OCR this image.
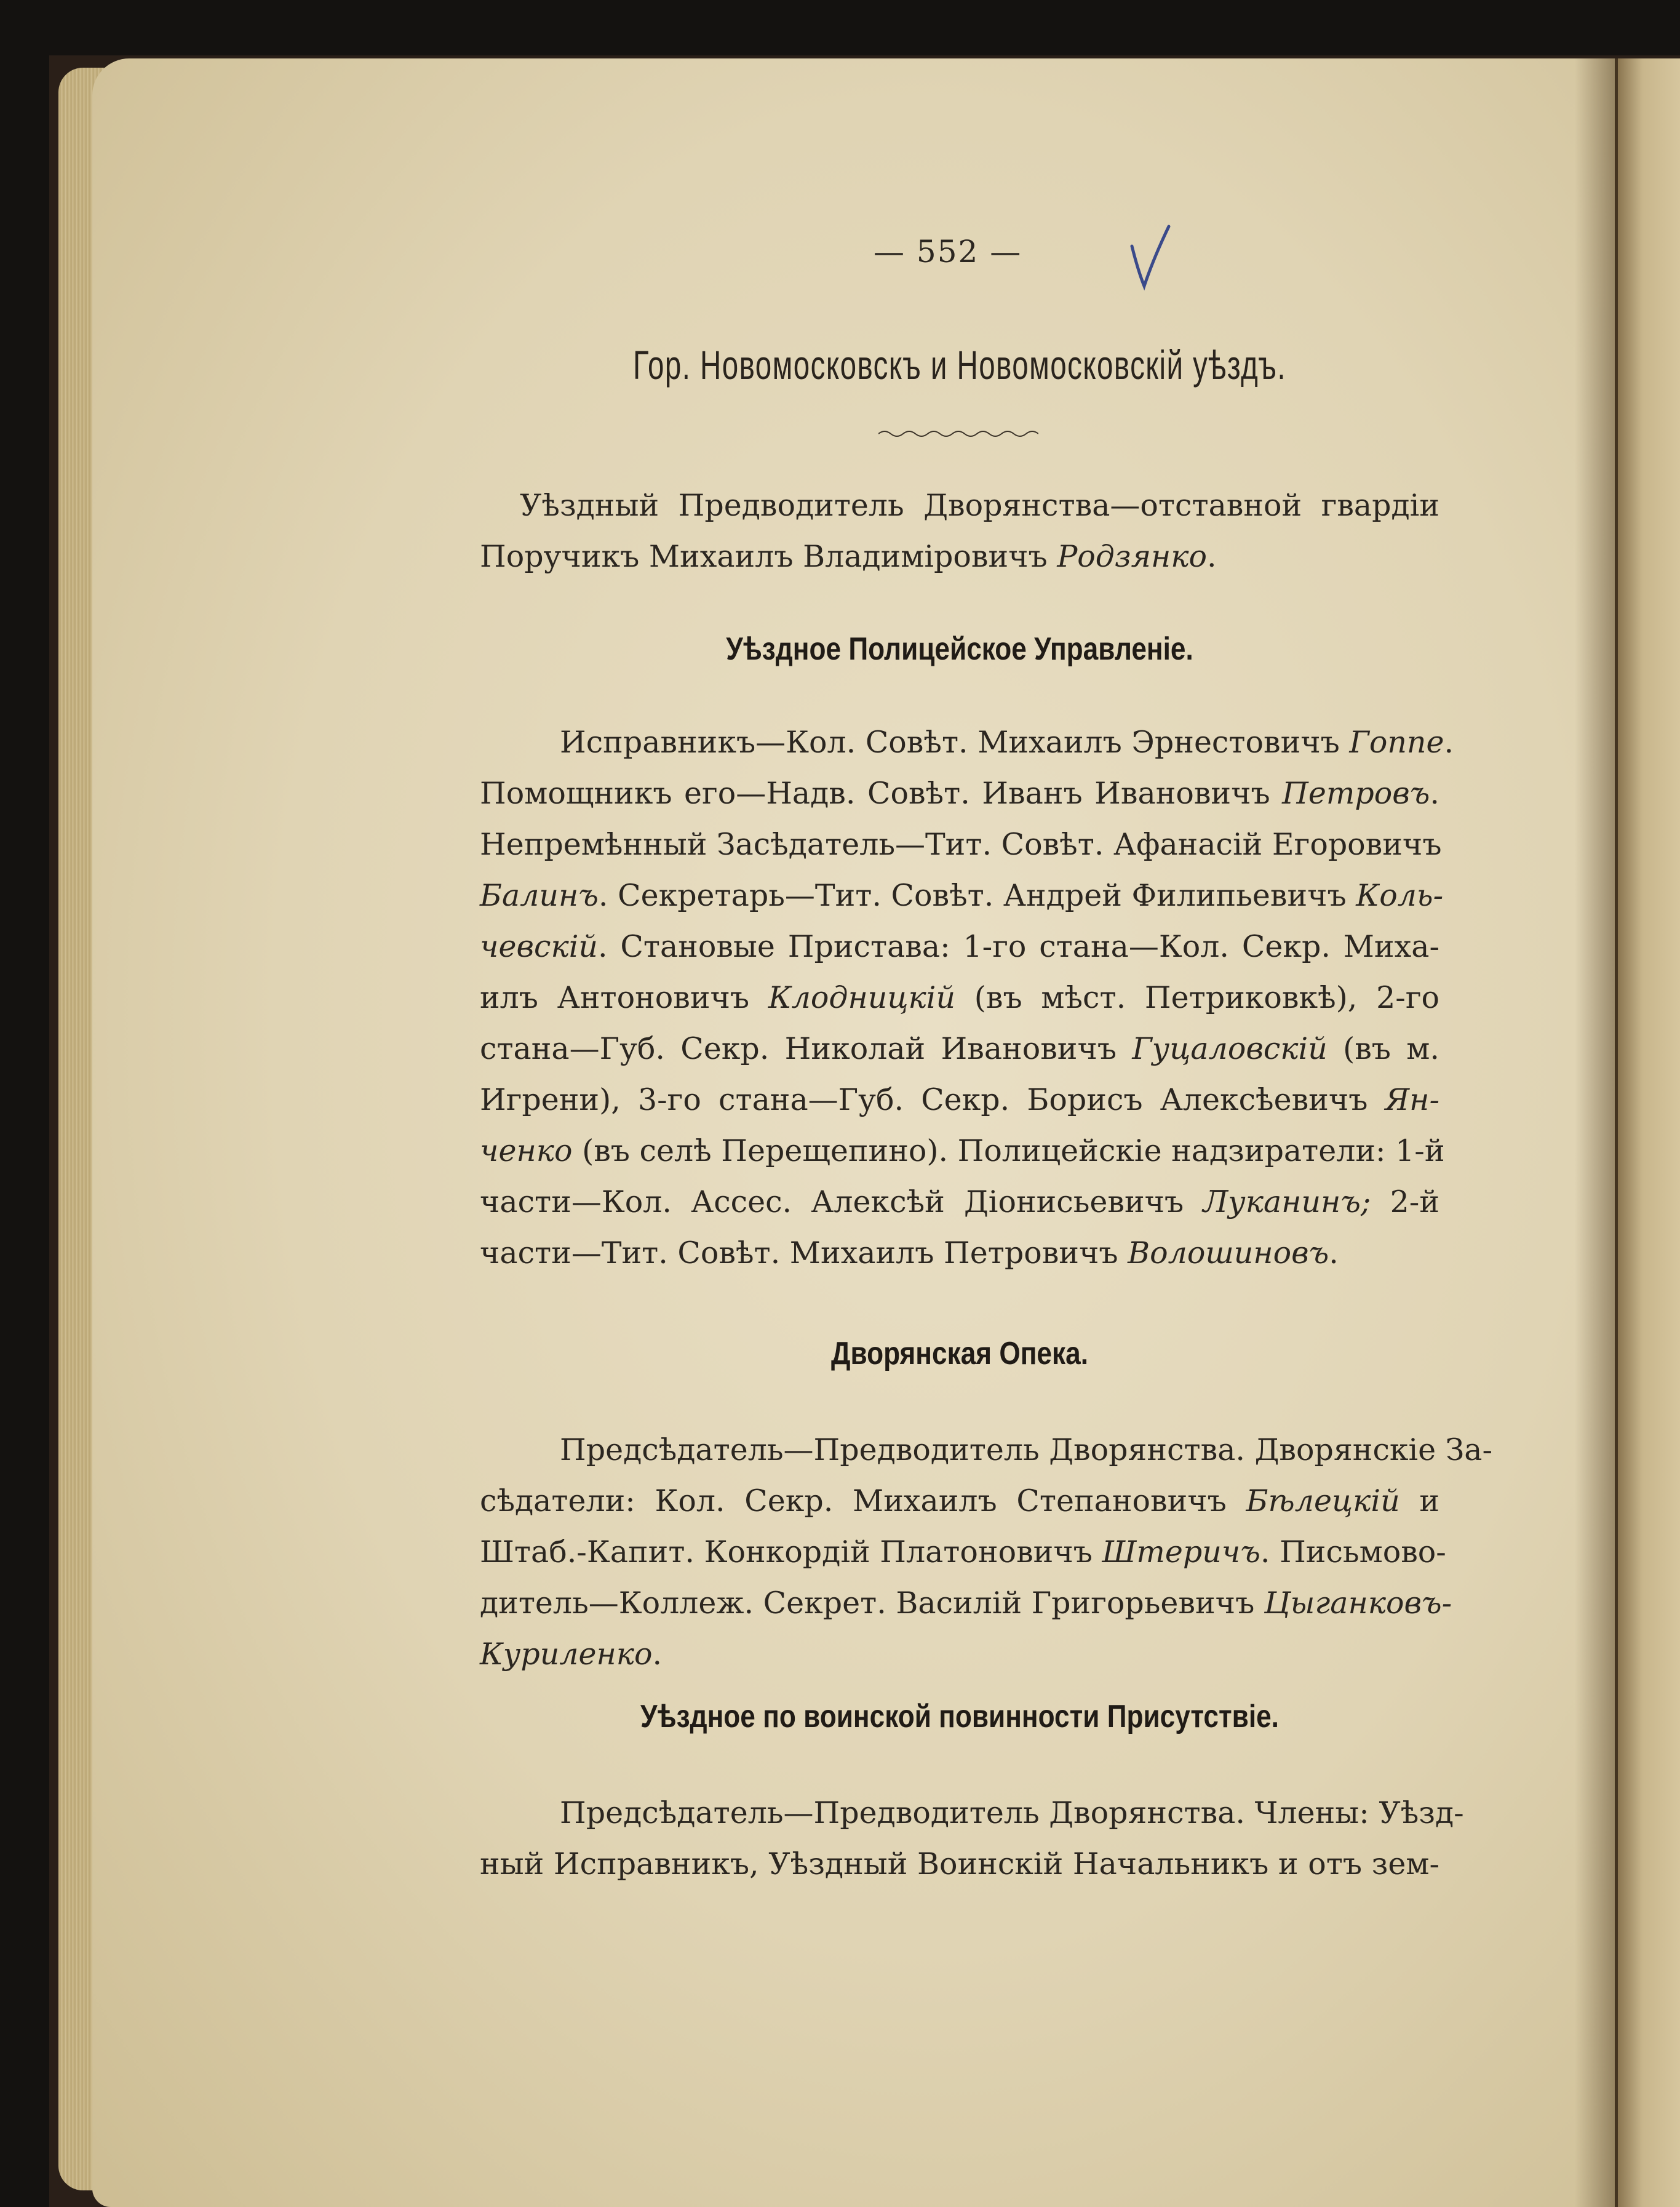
— 552 —
Гор. Новомосковскъ и Новомосковскій уѣздъ.
Уѣздный Предводитель Дворянства—отставной гвардіи
Поручикъ Михаилъ Владиміровичъ Родзянко.
Уѣздное Полицейское Управленіе.
Исправникъ—Кол. Совѣт. Михаилъ Эрнестовичъ Гоппе.
Помощникъ его—Надв. Совѣт. Иванъ Ивановичъ Петровъ.
Непремѣнный Засѣдатель—Тит. Совѣт. Афанасій Егоровичъ
Балинъ. Секретарь—Тит. Совѣт. Андрей Филипьевичъ Коль-
чевскій. Становые Пристава: 1-го стана—Кол. Секр. Миха-
илъ Антоновичъ Клодницкій (въ мѣст. Петриковкѣ), 2-го
стана—Губ. Секр. Николай Ивановичъ Гуцаловскій (въ м.
Игрени), 3-го стана—Губ. Секр. Борисъ Алексѣевичъ Ян-
ченко (въ селѣ Перещепино). Полицейскіе надзиратели: 1-й
части—Кол. Ассес. Алексѣй Діонисьевичъ Луканинъ; 2-й
части—Тит. Совѣт. Михаилъ Петровичъ Волошиновъ.
Дворянская Опека.
Предсѣдатель—Предводитель Дворянства. Дворянскіе За-
сѣдатели: Кол. Секр. Михаилъ Степановичъ Бѣлецкій и
Штаб.-Капит. Конкордій Платоновичъ Штеричъ. Письмово-
дитель—Коллеж. Секрет. Василій Григорьевичъ Цыганковъ-
Куриленко.
Уѣздное по воинской повинности Присутствіе.
Предсѣдатель—Предводитель Дворянства. Члены: Уѣзд-
ный Исправникъ, Уѣздный Воинскій Начальникъ и отъ зем-
